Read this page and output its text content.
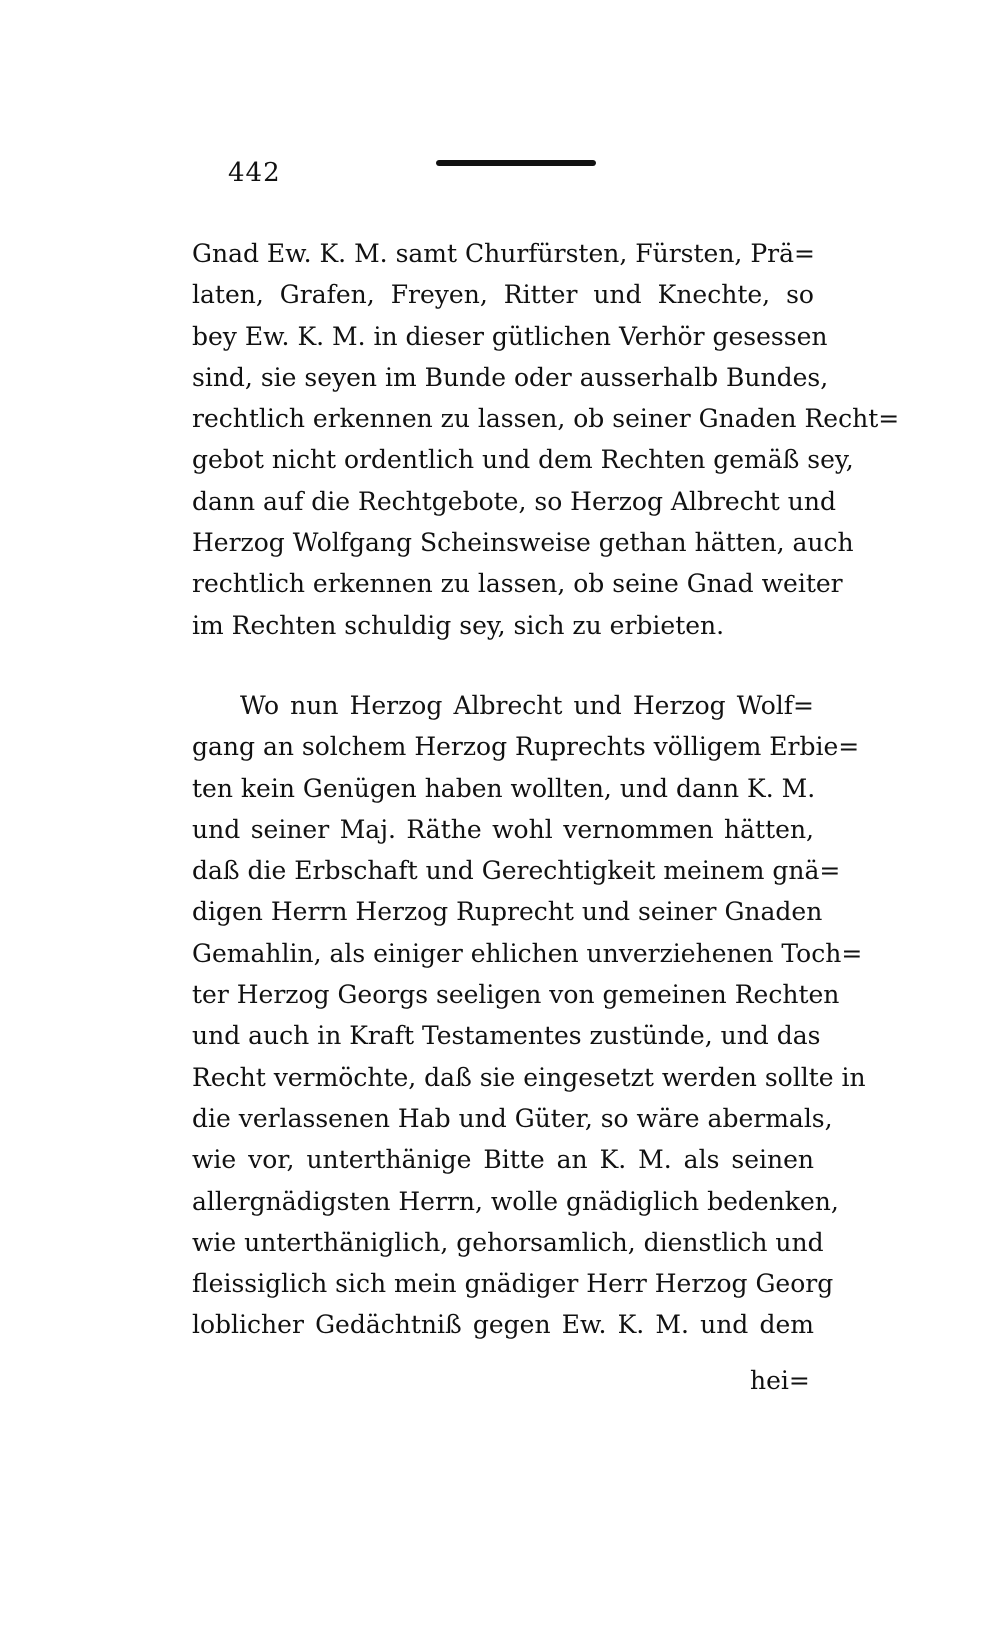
442
Gnad Ew. K. M. samt Churfürsten, Fürsten, Prä=
laten, Grafen, Freyen, Ritter und Knechte, so
bey Ew. K. M. in dieser gütlichen Verhör gesessen
sind, sie seyen im Bunde oder ausserhalb Bundes,
rechtlich erkennen zu lassen, ob seiner Gnaden Recht=
gebot nicht ordentlich und dem Rechten gemäß sey,
dann auf die Rechtgebote, so Herzog Albrecht und
Herzog Wolfgang Scheinsweise gethan hätten, auch
rechtlich erkennen zu lassen, ob seine Gnad weiter
im Rechten schuldig sey, sich zu erbieten.
Wo nun Herzog Albrecht und Herzog Wolf=
gang an solchem Herzog Ruprechts völligem Erbie=
ten kein Genügen haben wollten, und dann K. M.
und seiner Maj. Räthe wohl vernommen hätten,
daß die Erbschaft und Gerechtigkeit meinem gnä=
digen Herrn Herzog Ruprecht und seiner Gnaden
Gemahlin, als einiger ehlichen unverziehenen Toch=
ter Herzog Georgs seeligen von gemeinen Rechten
und auch in Kraft Testamentes zustünde, und das
Recht vermöchte, daß sie eingesetzt werden sollte in
die verlassenen Hab und Güter, so wäre abermals,
wie vor, unterthänige Bitte an K. M. als seinen
allergnädigsten Herrn, wolle gnädiglich bedenken,
wie unterthäniglich, gehorsamlich, dienstlich und
fleissiglich sich mein gnädiger Herr Herzog Georg
loblicher Gedächtniß gegen Ew. K. M. und dem
hei=
